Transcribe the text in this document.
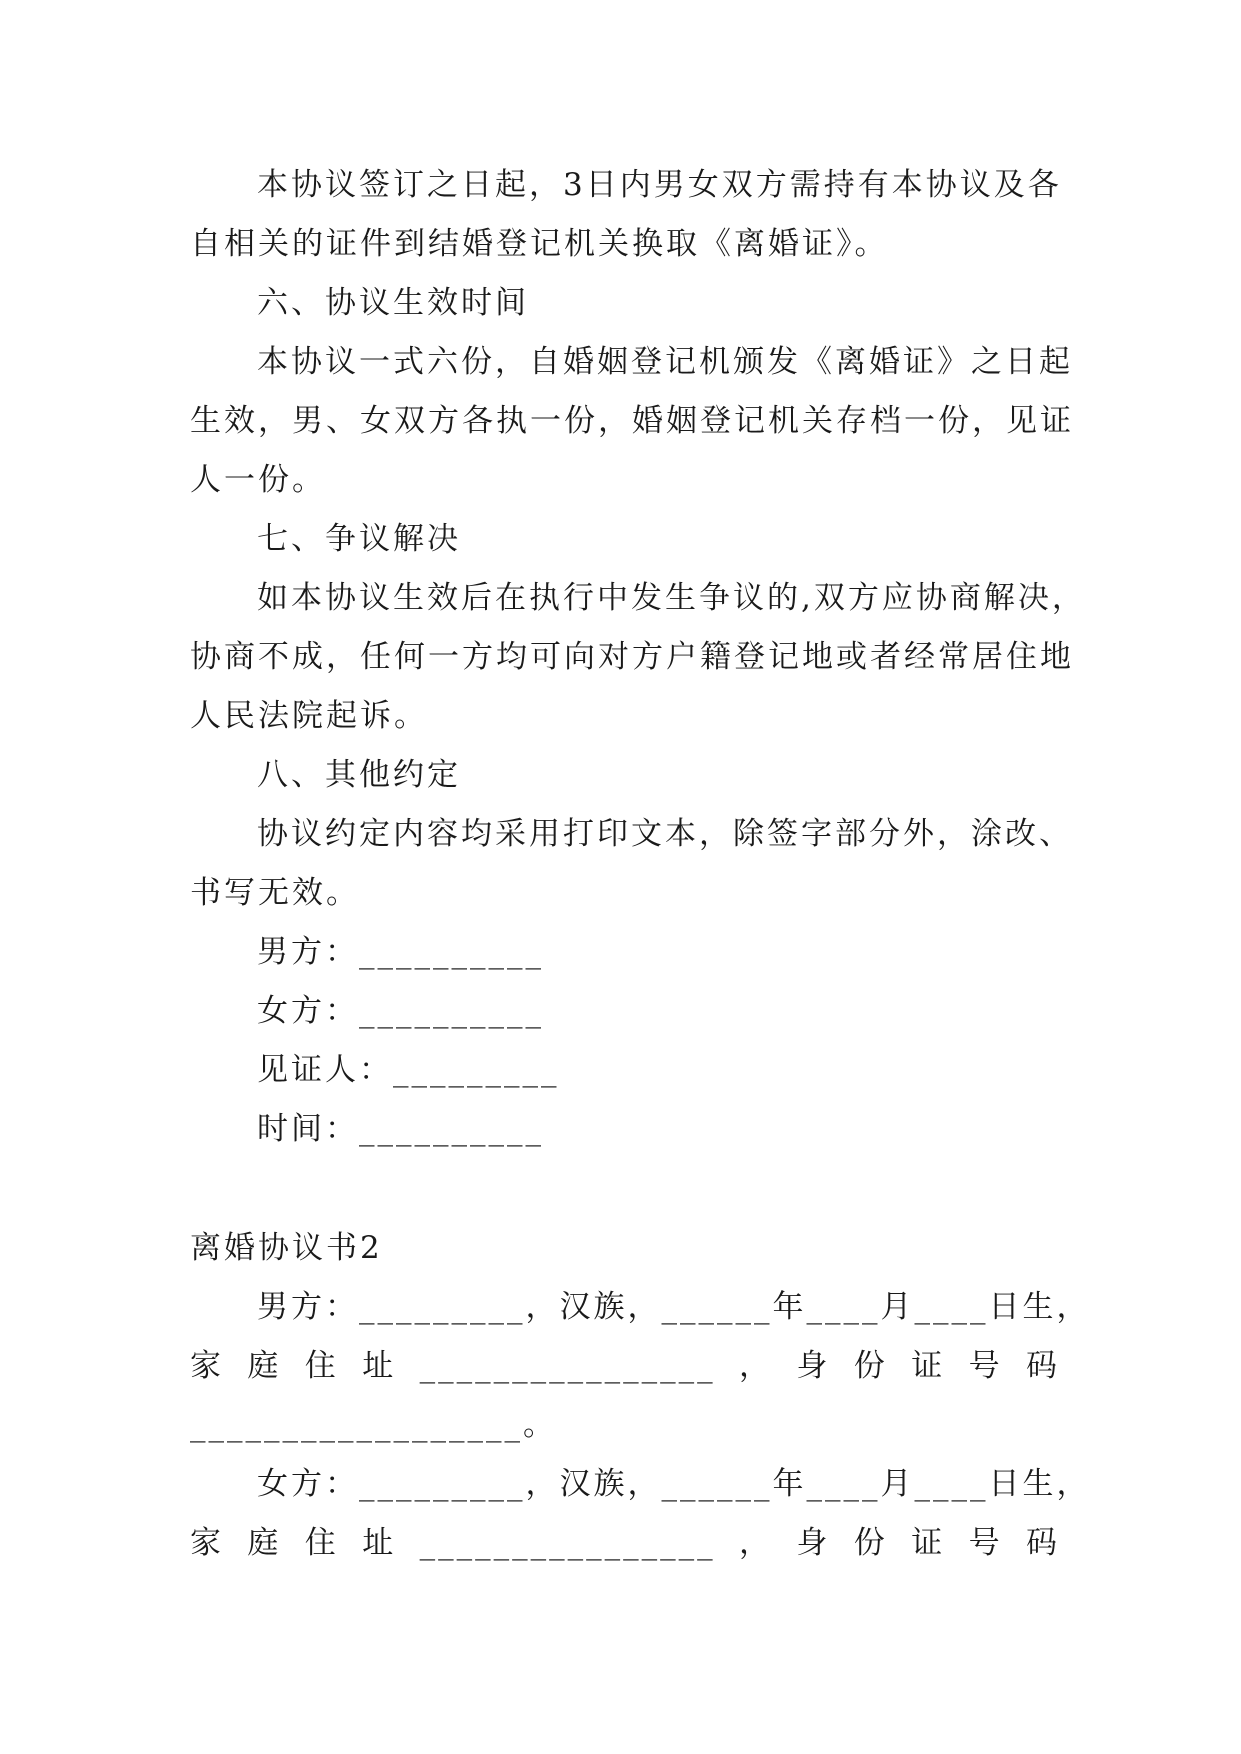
本协议签订之日起，3日内男女双方需持有本协议及各
自相关的证件到结婚登记机关换取《离婚证》。
六、协议生效时间
本协议一式六份，自婚姻登记机颁发《离婚证》之日起
生效，男、女双方各执一份，婚姻登记机关存档一份，见证
人一份。
七、争议解决
如本协议生效后在执行中发生争议的,双方应协商解决，
协商不成，任何一方均可向对方户籍登记地或者经常居住地
人民法院起诉。
八、其他约定
协议约定内容均采用打印文本，除签字部分外，涂改、
书写无效。
男方：__________
女方：__________
见证人：_________
时间：__________
离婚协议书2
男方：_________，汉族，______年____月____日生，
家庭住址________________，身份证号码
__________________。
女方：_________，汉族，______年____月____日生，
家庭住址________________，身份证号码
